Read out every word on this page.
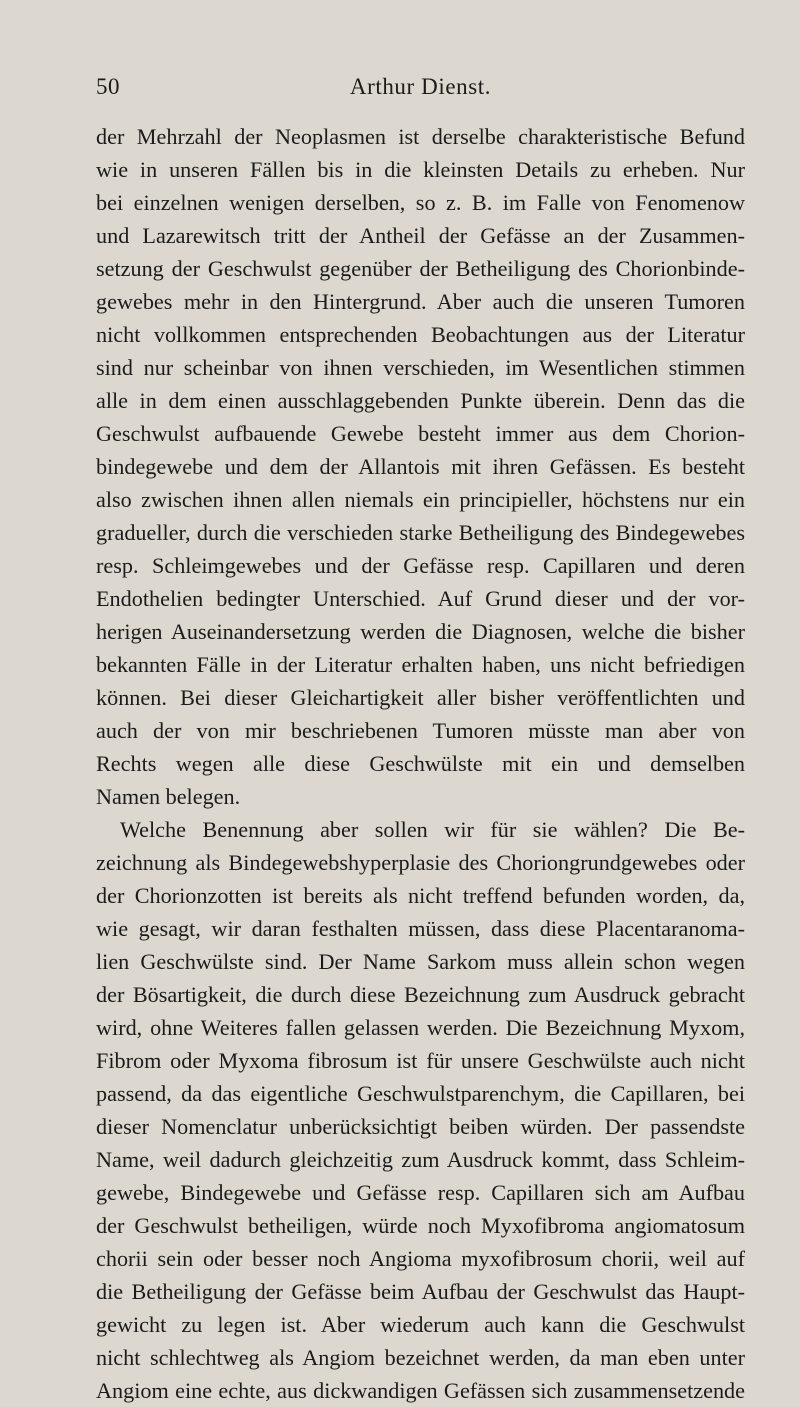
50	Arthur Dienst.
der Mehrzahl der Neoplasmen ist derselbe charakteristische Befund
wie in unseren Fällen bis in die kleinsten Details zu erheben. Nur
bei einzelnen wenigen derselben, so z. B. im Falle von Fenomenow
und Lazarewitsch tritt der Antheil der Gefässe an der Zusammen-
setzung der Geschwulst gegenüber der Betheiligung des Chorionbinde-
gewebes mehr in den Hintergrund. Aber auch die unseren Tumoren
nicht vollkommen entsprechenden Beobachtungen aus der Literatur
sind nur scheinbar von ihnen verschieden, im Wesentlichen stimmen
alle in dem einen ausschlaggebenden Punkte überein. Denn das die
Geschwulst aufbauende Gewebe besteht immer aus dem Chorion-
bindegewebe und dem der Allantois mit ihren Gefässen. Es besteht
also zwischen ihnen allen niemals ein principieller, höchstens nur ein
gradueller, durch die verschieden starke Betheiligung des Bindegewebes
resp. Schleimgewebes und der Gefässe resp. Capillaren und deren
Endothelien bedingter Unterschied. Auf Grund dieser und der vor-
herigen Auseinandersetzung werden die Diagnosen, welche die bisher
bekannten Fälle in der Literatur erhalten haben, uns nicht befriedigen
können. Bei dieser Gleichartigkeit aller bisher veröffentlichten und
auch der von mir beschriebenen Tumoren müsste man aber von
Rechts wegen alle diese Geschwülste mit ein und demselben
Namen belegen.
Welche Benennung aber sollen wir für sie wählen? Die Be-
zeichnung als Bindegewebshyperplasie des Choriongrundgewebes oder
der Chorionzotten ist bereits als nicht treffend befunden worden, da,
wie gesagt, wir daran festhalten müssen, dass diese Placentaranoma-
lien Geschwülste sind. Der Name Sarkom muss allein schon wegen
der Bösartigkeit, die durch diese Bezeichnung zum Ausdruck gebracht
wird, ohne Weiteres fallen gelassen werden. Die Bezeichnung Myxom,
Fibrom oder Myxoma fibrosum ist für unsere Geschwülste auch nicht
passend, da das eigentliche Geschwulstparenchym, die Capillaren, bei
dieser Nomenclatur unberücksichtigt beiben würden. Der passendste
Name, weil dadurch gleichzeitig zum Ausdruck kommt, dass Schleim-
gewebe, Bindegewebe und Gefässe resp. Capillaren sich am Aufbau
der Geschwulst betheiligen, würde noch Myxofibroma angiomatosum
chorii sein oder besser noch Angioma myxofibrosum chorii, weil auf
die Betheiligung der Gefässe beim Aufbau der Geschwulst das Haupt-
gewicht zu legen ist. Aber wiederum auch kann die Geschwulst
nicht schlechtweg als Angiom bezeichnet werden, da man eben unter
Angiom eine echte, aus dickwandigen Gefässen sich zusammensetzende
